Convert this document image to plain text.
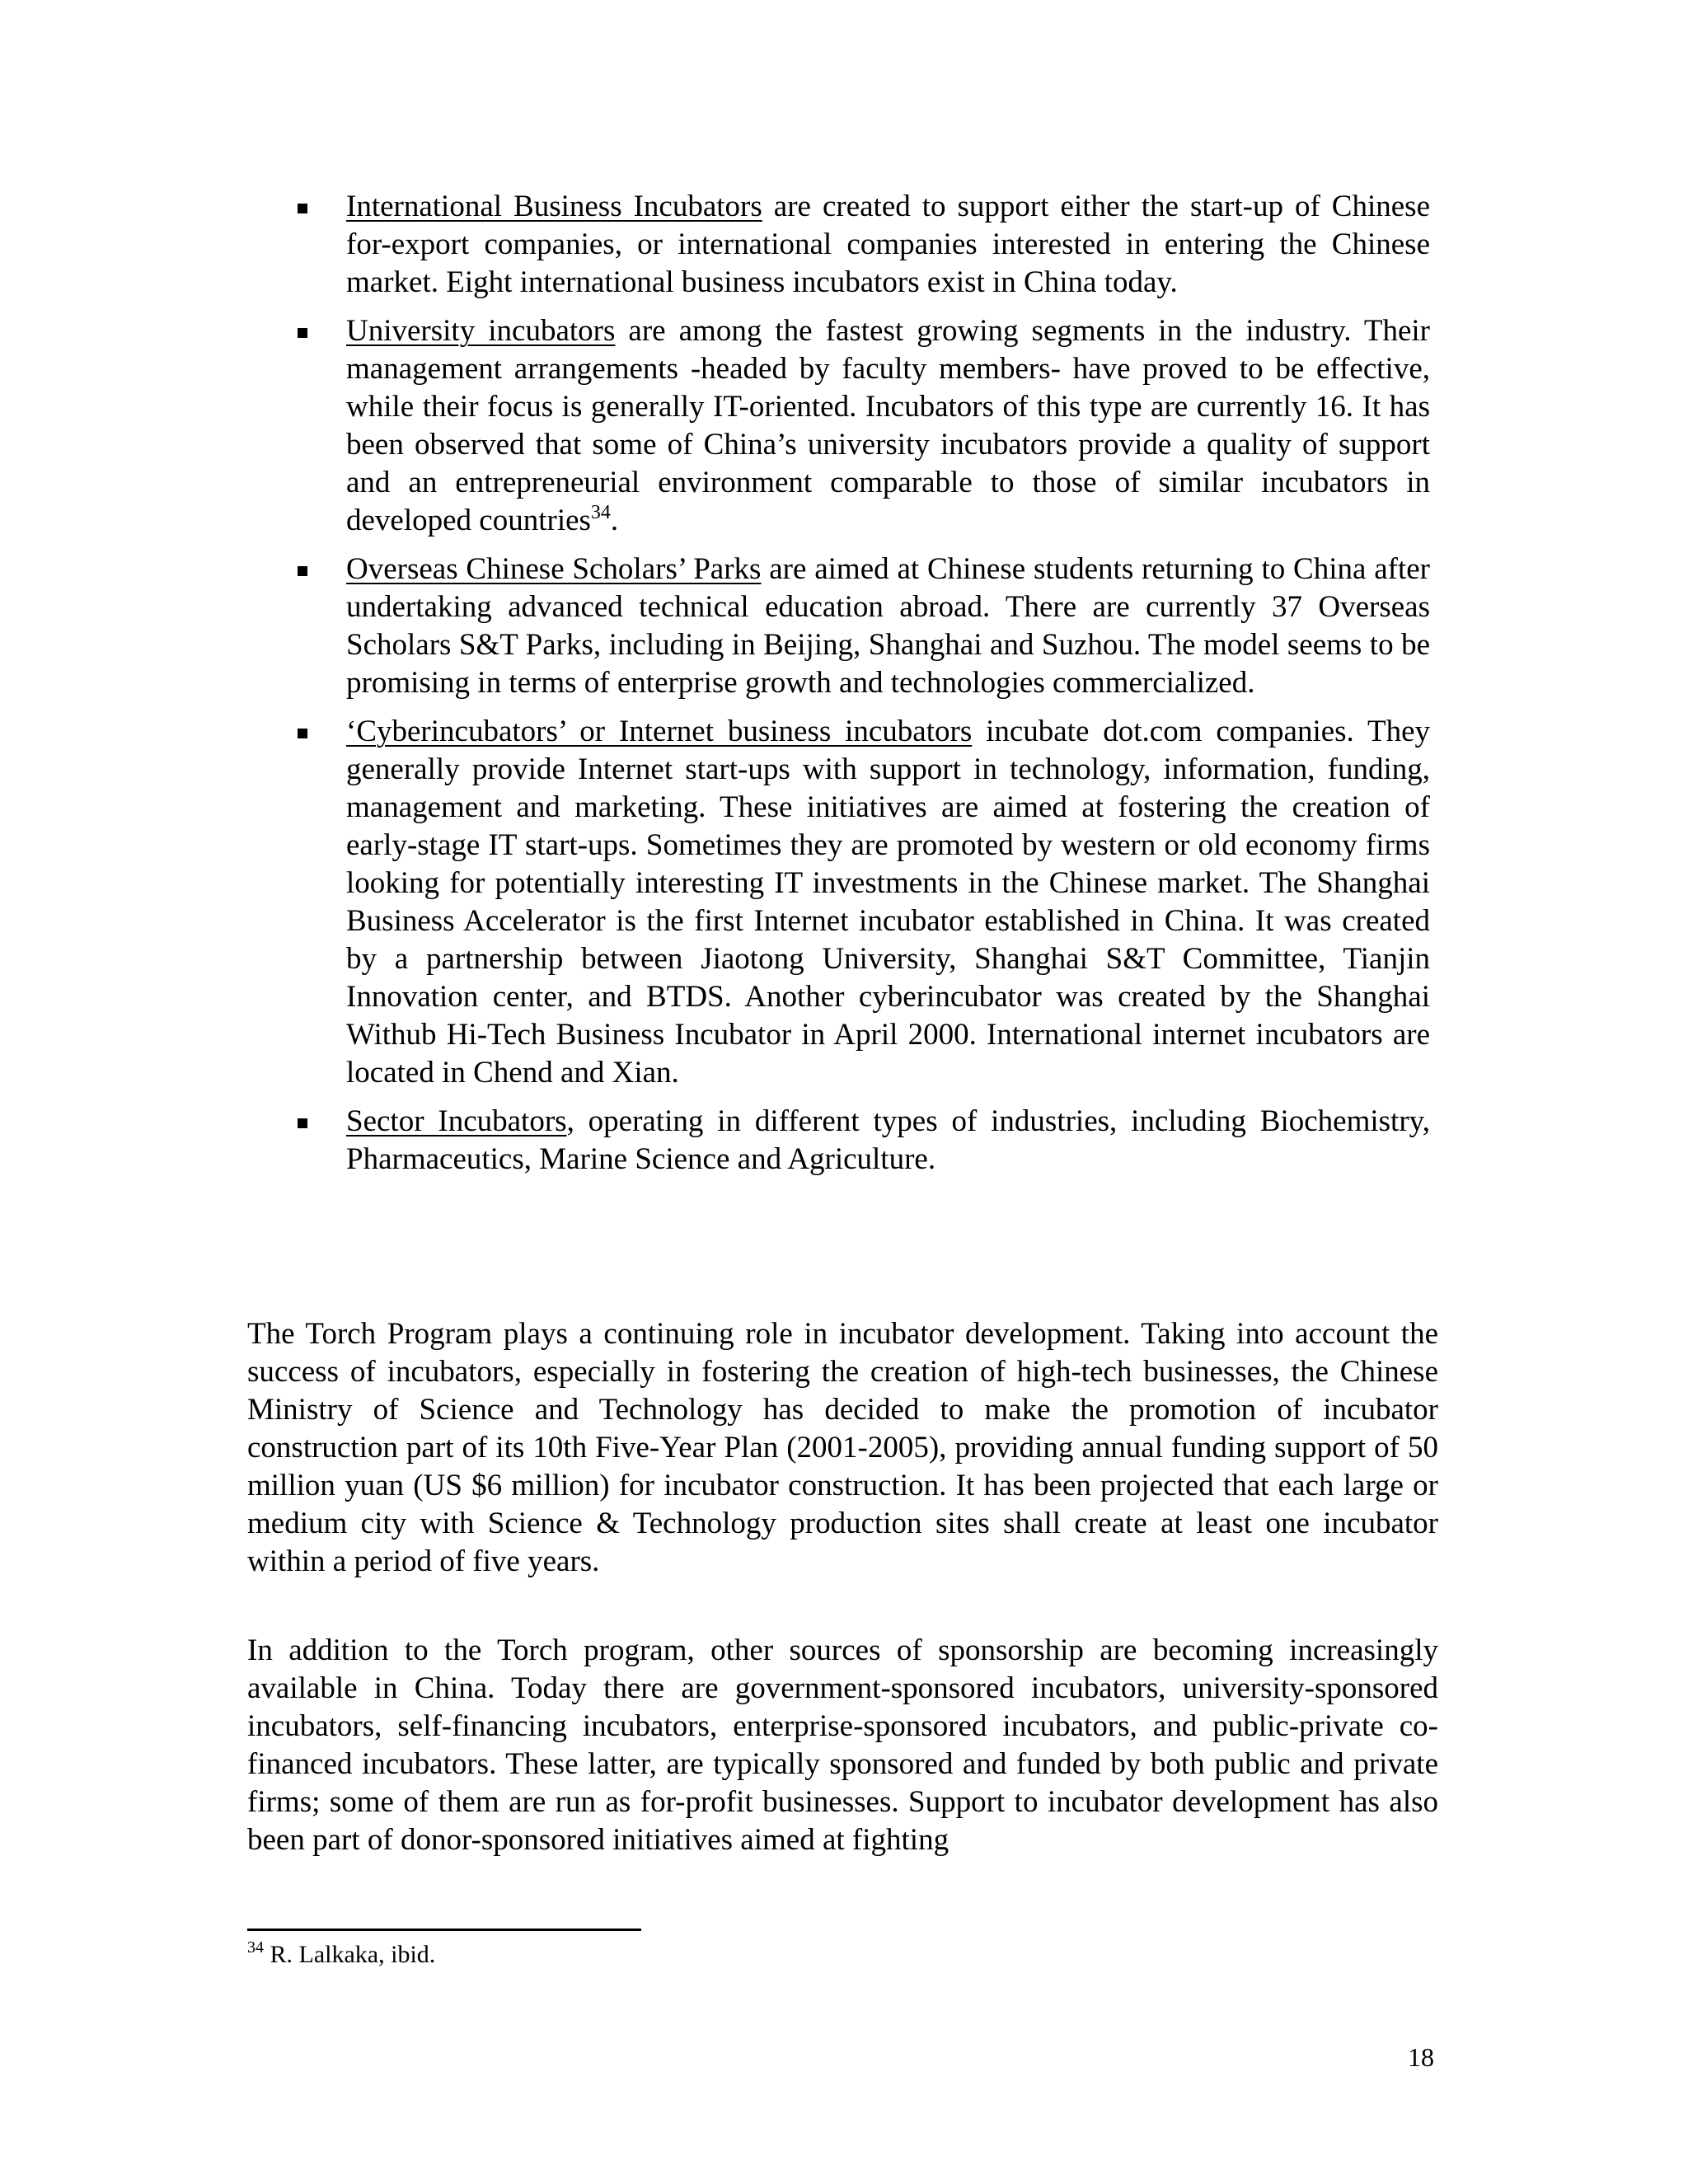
International Business Incubators are created to support either the start-up of Chinese for-export companies, or international companies interested in entering the Chinese market. Eight international business incubators exist in China today.
University incubators are among the fastest growing segments in the industry. Their management arrangements -headed by faculty members- have proved to be effective, while their focus is generally IT-oriented. Incubators of this type are currently 16. It has been observed that some of China’s university incubators provide a quality of support and an entrepreneurial environment comparable to those of similar incubators in developed countries$^{34}$.
Overseas Chinese Scholars’ Parks are aimed at Chinese students returning to China after undertaking advanced technical education abroad. There are currently 37 Overseas Scholars S&T Parks, including in Beijing, Shanghai and Suzhou. The model seems to be promising in terms of enterprise growth and technologies commercialized.
‘Cyberincubators’ or Internet business incubators incubate dot.com companies. They generally provide Internet start-ups with support in technology, information, funding, management and marketing. These initiatives are aimed at fostering the creation of early-stage IT start-ups. Sometimes they are promoted by western or old economy firms looking for potentially interesting IT investments in the Chinese market. The Shanghai Business Accelerator is the first Internet incubator established in China. It was created by a partnership between Jiaotong University, Shanghai S&T Committee, Tianjin Innovation center, and BTDS. Another cyberincubator was created by the Shanghai Withub Hi-Tech Business Incubator in April 2000. International internet incubators are located in Chend and Xian.
Sector Incubators, operating in different types of industries, including Biochemistry, Pharmaceutics, Marine Science and Agriculture.

The Torch Program plays a continuing role in incubator development. Taking into account the success of incubators, especially in fostering the creation of high-tech businesses, the Chinese Ministry of Science and Technology has decided to make the promotion of incubator construction part of its 10th Five-Year Plan (2001-2005), providing annual funding support of 50 million yuan (US $6 million) for incubator construction. It has been projected that each large or medium city with Science & Technology production sites shall create at least one incubator within a period of five years.

In addition to the Torch program, other sources of sponsorship are becoming increasingly available in China. Today there are government-sponsored incubators, university-sponsored incubators, self-financing incubators, enterprise-sponsored incubators, and public-private co-financed incubators. These latter, are typically sponsored and funded by both public and private firms; some of them are run as for-profit businesses. Support to incubator development has also been part of donor-sponsored initiatives aimed at fighting

$^{34}$ R. Lalkaka, ibid.
18
